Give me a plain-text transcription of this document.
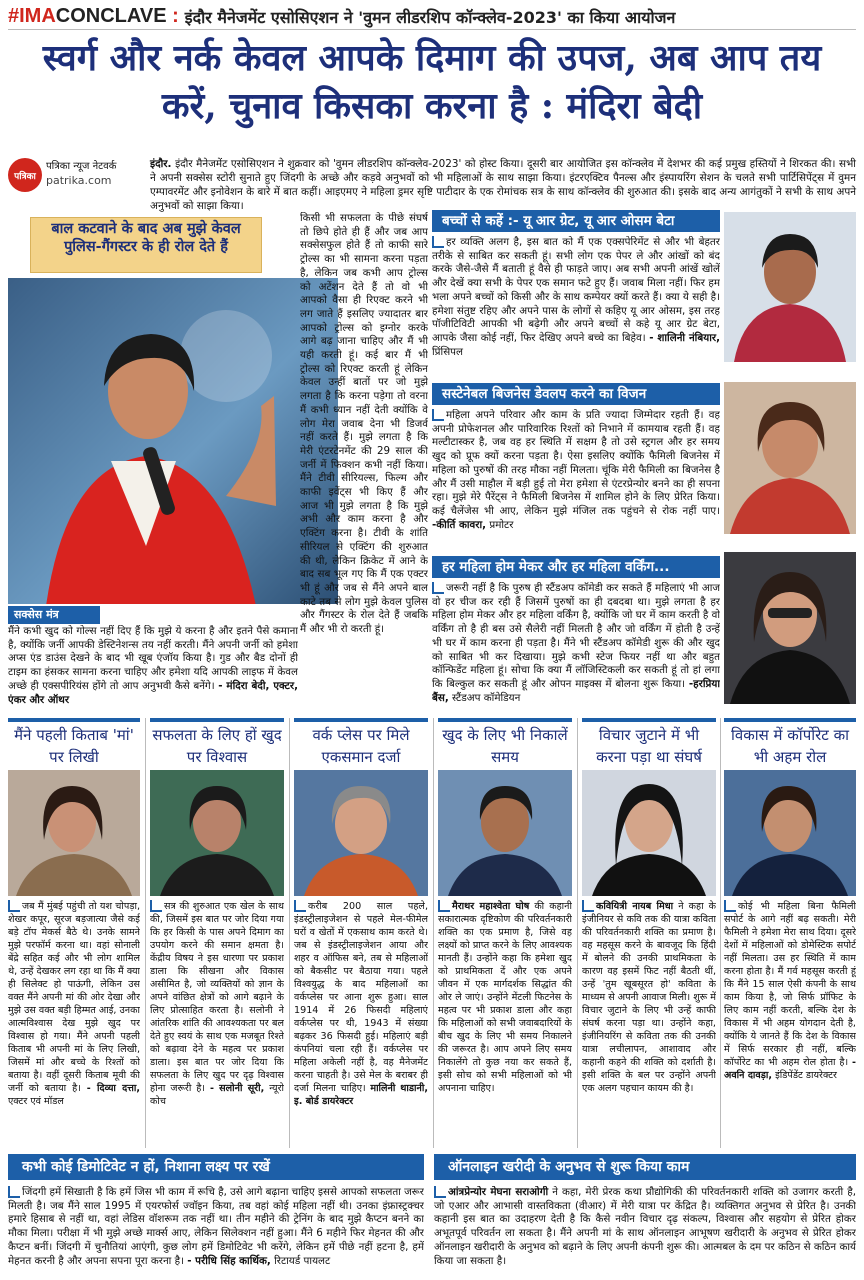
#IMACONCLAVE : इंदौर मैनेजमेंट एसोसिएशन ने 'वुमन लीडरशिप कॉन्क्लेव-2023' का किया आयोजन
स्वर्ग और नर्क केवल आपके दिमाग की उपज, अब आप तय करें, चुनाव किसका करना है : मंदिरा बेदी
पत्रिका
पत्रिका न्यूज नेटवर्क
patrika.com

इंदौर. इंदौर मैनेजमेंट एसोसिएशन ने शुक्रवार को 'वुमन लीडरशिप कॉन्क्लेव-2023' को होस्ट किया। दूसरी बार आयोजित इस कॉन्क्लेव में देशभर की कई प्रमुख हस्तियों ने शिरकत की। सभी ने अपनी सक्सेस स्टोरी सुनाते हुए जिंदगी के अच्छे और कड़वे अनुभवों को भी महिलाओं के साथ साझा किया। इंटरएक्टिव पैनल्स और इंस्पायरिंग सेशन के चलते सभी पार्टिसिपेंट्स में वुमन एम्पावरमेंट और इनोवेशन के बारे में बात कहीं। आइएमए ने महिला ड्रमर सृष्टि पाटीदार के एक रोमांचक सत्र के साथ कॉन्क्लेव की शुरुआत की। इसके बाद अन्य आगंतुकों ने सभी के साथ अपने अनुभवों को साझा किया।

बाल कटवाने के बाद अब मुझे केवल पुलिस-गैंगस्टर के ही रोल देते हैं

किसी भी सफलता के पीछे संघर्ष तो छिपे होते ही हैं और जब आप सक्सेसफुल होते हैं तो काफी सारे ट्रोल्स का भी सामना करना पड़ता है, लेकिन जब कभी आप ट्रोल्स को अटेंशन देते हैं तो वो भी आपको वैसा ही रिएक्ट करने भी लग जाते हैं इसलिए ज्यादातर बार आपको ट्रोल्स को इग्नोर करके आगे बढ़ जाना चाहिए और मैं भी यही करती हूं। कई बार मैं भी ट्रोल्स को रिएक्ट करती हूं लेकिन केवल उन्हीं बातों पर जो मुझे लगता है कि करना पड़ेगा तो वरना मैं कभी ध्यान नहीं देती क्योंकि वे लोग मेरा जवाब देना भी डिजर्व नहीं करते हैं। मुझे लगता है कि मेरी एंटरटेनमेंट की 29 साल की जर्नी में फिक्शन कभी नहीं किया। मैंने टीवी सीरियल्स, फिल्म और काफी इवेंट्स भी किए हैं और आज भी मुझे लगता है कि मुझे अभी और काम करना है और एक्टिंग करना है। टीवी के शांति सीरियल से एक्टिंग की शुरुआत की थी, लेकिन क्रिकेट में आने के बाद सब भूल गए कि मैं एक एक्टर भी हूं और जब से मैंने अपने बाल काटे तब से लोग मुझे केवल पुलिस और गैंगस्टर के रोल देते हैं जबकि मैं और भी रो करती हूं।

सक्सेस मंत्र

मैंने कभी खुद को गोल्स नहीं दिए हैं कि मुझे ये करना है और इतने पैसे कमाना है, क्योंकि जर्नी आपकी डेस्टिनेशन्स तय नहीं करती। मैंने अपनी जर्नी को हमेशा अप्स एंड डाउंस देखने के बाद भी खूब एंजॉय किया है। गुड और बैड दोनों ही टाइम का हंसकर सामना करना चाहिए और हमेशा यदि आपकी लाइफ में केवल अच्छे ही एक्सपीरियंस होंगे तो आप अनुभवी कैसे बनेंगे। - मंदिरा बेदी, एक्टर, एंकर और ऑथर

बच्चों से कहें :- यू आर ग्रेट, यू आर ओसम बेटा

हर व्यक्ति अलग है, इस बात को मैं एक एक्सपेरिमेंट से और भी बेहतर तरीके से साबित कर सकती हूं। सभी लोग एक पेपर ले और आंखों को बंद करके जैसे-जैसे मैं बताती हूं वैसे ही फाड़ते जाए। अब सभी अपनी आंखें खोलें और देखें क्या सभी के पेपर एक समान फटे हुए हैं। जवाब मिला नहीं। फिर हम भला अपने बच्चों को किसी और के साथ कम्पेयर क्यों करते हैं। क्या ये सही है। हमेशा संतुष्ट रहिए और अपने पास के लोगों से कहिए यू आर ओसम, इस तरह पॉजीटिविटी आपकी भी बढ़ेगी और अपने बच्चों से कहे यू आर ग्रेट बेटा, आपके जैसा कोई नहीं, फिर देखिए अपने बच्चे का बिहेव। - शालिनी नंबियार, प्रिंसिपल

सस्टेनेबल बिजनेस डेवलप करने का विजन

महिला अपने परिवार और काम के प्रति ज्यादा जिम्मेदार रहती हैं। वह अपनी प्रोफेशनल और पारिवारिक रिश्तों को निभाने में कामयाब रहती हैं। वह मल्टीटास्कर है, जब वह हर स्थिति में सक्षम है तो उसे स्ट्रगल और हर समय खुद को प्रूफ क्यों करना पड़ता है। ऐसा इसलिए क्योंकि फैमिली बिजनेस में महिला को पुरुषों की तरह मौका नहीं मिलता। चूंकि मेरी फैमिली का बिजनेस है और मैं उसी माहौल में बड़ी हुई तो मेरा हमेशा से एंटरप्रेन्योर बनने का ही सपना रहा। मुझे मेरे पैरेंट्स ने फैमिली बिजनेस में शामिल होने के लिए प्रेरित किया। कई चैलेंजेस भी आए, लेकिन मुझे मंजिल तक पहुंचने से रोक नहीं पाए। -कीर्ति कावरा, प्रमोटर

हर महिला होम मेकर और हर महिला वर्किंग...

जरूरी नहीं है कि पुरुष ही स्टैंडअप कॉमेडी कर सकते हैं महिलाएं भी आज वो हर चीज कर रही हैं जिसमें पुरुषों का ही दबदबा था। मुझे लगता है हर महिला होम मेकर और हर महिला वर्किंग है, क्योंकि जो घर में काम करती है वो वर्किंग तो है ही बस उसे सैलेरी नहीं मिलती है और जो वर्किंग में होती है उन्हें भी घर में काम करना ही पड़ता है। मैंने भी स्टैंडअप कॉमेडी शुरू की और खुद को साबित भी कर दिखाया। मुझे कभी स्टेज फियर नहीं था और बहुत कॉन्फिडेंट महिला हूं। सोचा कि क्या मैं लॉजिस्टिकली कर सकती हूं तो हां लगा कि बिल्कुल कर सकती हूं और ओपन माइक्स में बोलना शुरू किया। -हरप्रिया बैंस, स्टैंडअप कॉमेडियन

मैंने पहली किताब 'मां' पर लिखी
सफलता के लिए हों खुद पर विश्वास
वर्क प्लेस पर मिले एकसमान दर्जा
खुद के लिए भी निकालें समय
विचार जुटाने में भी करना पड़ा था संघर्ष
विकास में कॉर्पोरेट का भी अहम रोल

जब मैं मुंबई पहुंची तो यश चोपड़ा, शेखर कपूर, सूरज बड़जात्या जैसे कई बड़े टॉप मेकर्स बैठे थे। उनके सामने मुझे परफॉर्म करना था। वहां सोनाली बेंद्रे सहित कई और भी लोग शामिल थे, उन्हें देखकर लग रहा था कि मैं क्या ही सिलेक्ट हो पाऊंगी, लेकिन उस वक्त मैंने अपनी मां की ओर देखा और मुझे उस वक्त बड़ी हिम्मत आई, उनका आत्मविश्वास देख मुझे खुद पर विश्वास हो गया। मैंने अपनी पहली किताब भी अपनी मां के लिए लिखी, जिसमें मां और बच्चे के रिश्तों को बताया है। वहीं दूसरी किताब मूवी की जर्नी को बताया है। - दिव्या दत्ता, एक्टर एवं मॉडल

सत्र की शुरुआत एक खेल के साथ की, जिसमें इस बात पर जोर दिया गया कि हर किसी के पास अपने दिमाग का उपयोग करने की समान क्षमता है। केंद्रीय विषय ने इस धारणा पर प्रकाश डाला कि सीखना और विकास असीमित है, जो व्यक्तियों को ज्ञान के अपने वांछित क्षेत्रों को आगे बढ़ाने के लिए प्रोत्साहित करता है। सलोनी ने आंतरिक शांति की आवश्यकता पर बल देते हुए स्वयं के साथ एक मजबूत रिश्ते को बढ़ावा देने के महत्व पर प्रकाश डाला। इस बात पर जोर दिया कि सफलता के लिए खुद पर दृढ़ विश्वास होना जरूरी है। - सलोनी सूरी, न्यूरो कोच

करीब 200 साल पहले, इंडस्ट्रीलाइजेशन से पहले मेल-फीमेल घरों व खेतों में एकसाथ काम करते थे। जब से इंडस्ट्रीलाइजेशन आया और शहर व ऑफिस बने, तब से महिलाओं को बैकसीट पर बैठाया गया। पहले विश्वयुद्ध के बाद महिलाओं का वर्कप्लेस पर आना शुरू हुआ। साल 1914 में 26 फिसदी महिलाएं वर्कप्लेस पर थी, 1943 में संख्या बढ़कर 36 फिसदी हुई। महिलाएं बड़ी कंपनियां चला रही हैं। वर्कप्लेस पर महिला अकेली नहीं है, वह मैनेजमेंट करना चाहती है। उसे मेल के बराबर ही दर्जा मिलना चाहिए। मालिनी थाडानी, इ. बोर्ड डायरेक्टर

मैराथर महाश्वेता घोष की कहानी सकारात्मक दृष्टिकोण की परिवर्तनकारी शक्ति का एक प्रमाण है, जिसे वह लक्ष्यों को प्राप्त करने के लिए आवश्यक मानती हैं। उन्होंने कहा कि हमेशा खुद को प्राथमिकता दें और एक अपने जीवन में एक मार्गदर्शक सिद्धांत की ओर ले जाएं। उन्होंने मेंटली फिटनेस के महत्व पर भी प्रकाश डाला और कहा कि महिलाओं को सभी जवाबदारियों के बीच खुद के लिए भी समय निकालने की जरूरत है। आप अपने लिए समय निकालेंगे तो कुछ नया कर सकते हैं, इसी सोच को सभी महिलाओं को भी अपनाना चाहिए।

कवियित्री नायब मिधा ने कहा के इंजीनियर से कवि तक की यात्रा कविता की परिवर्तनकारी शक्ति का प्रमाण है। वह महसूस करने के बावजूद कि हिंदी में बोलने की उनकी प्राथमिकता के कारण वह इसमें फिट नहीं बैठती थीं, उन्हें 'तुम खूबसूरत हो' कविता के माध्यम से अपनी आवाज मिली। शुरू में विचार जुटाने के लिए भी उन्हें काफी संघर्ष करना पड़ा था। उन्होंने कहा, इंजीनियरिंग से कविता तक की उनकी यात्रा लचीलापन, आशावाद और कहानी कहने की शक्ति को दर्शाती है। इसी शक्ति के बल पर उन्होंने अपनी एक अलग पहचान कायम की है।

कोई भी महिला बिना फैमिली सपोर्ट के आगे नहीं बढ़ सकती। मेरी फैमिली ने हमेशा मेरा साथ दिया। दूसरे देशों में महिलाओं को डोमेस्टिक सपोर्ट नहीं मिलता। उस हर स्थिति में काम करना होता है। मैं गर्व महसूस करती हूं कि मैंने 15 साल ऐसी कंपनी के साथ काम किया है, जो सिर्फ प्रॉफिट के लिए काम नहीं करती, बल्कि देश के विकास में भी अहम योगदान देती है, क्योंकि ये जानते हैं कि देश के विकास में सिर्फ सरकार ही नहीं, बल्कि कॉर्पोरेट का भी अहम रोल होता है। - अवनि दावड़ा, इंडिपेंडेंट डायरेक्टर

कभी कोई डिमोटिवेट न हों, निशाना लक्ष्य पर रखें	ऑनलाइन खरीदी के अनुभव से शुरू किया काम

जिंदगी हमें सिखाती है कि हमें जिस भी काम में रूचि है, उसे आगे बढ़ाना चाहिए इससे आपको सफलता जरूर मिलती है। जब मैंने साल 1995 में एयरफोर्स ज्वॉइन किया, तब वहां कोई महिला नहीं थी। उनका इंफ्रास्ट्रक्चर हमारे हिसाब से नहीं था, वहां लेडिस वॉशरूम तक नहीं था। तीन महीने की ट्रेनिंग के बाद मुझे कैप्टन बनने का मौका मिला। परीक्षा में भी मुझे अच्छे मार्क्स आए, लेकिन सिलेक्शन नहीं हुआ। मैंने 6 महीने फिर मेहनत की और कैप्टन बनीं। जिंदगी में चुनौतियां आएंगी, कुछ लोग हमें डिमोटिवेट भी करेंगे, लेकिन हमें पीछे नहीं हटना है, हमें मेहनत करनी है और अपना सपना पूरा करना है। - परीधि सिंह कार्थिक, रिटायर्ड पायलट

आंत्रप्रेन्योर मेघना सराओगी ने कहा, मेरी प्रेरक कथा प्रौद्योगिकी की परिवर्तनकारी शक्ति को उजागर करती है, जो एआर और आभासी वास्तविकता (वीआर) में मेरी यात्रा पर केंद्रित है। व्यक्तिगत अनुभव से प्रेरित है। उनकी कहानी इस बात का उदाहरण देती है कि कैसे नवीन विचार दृढ़ संकल्प, विश्वास और सहयोग से प्रेरित होकर अभूतपूर्व परिवर्तन ला सकता है। मैंने अपनी मां के साथ ऑनलाइन आभूषण खरीदारी के अनुभव से प्रेरित होकर ऑनलाइन खरीदारी के अनुभव को बढ़ाने के लिए अपनी कंपनी शुरू की। आत्मबल के दम पर कठिन से कठिन कार्य किया जा सकता है।
